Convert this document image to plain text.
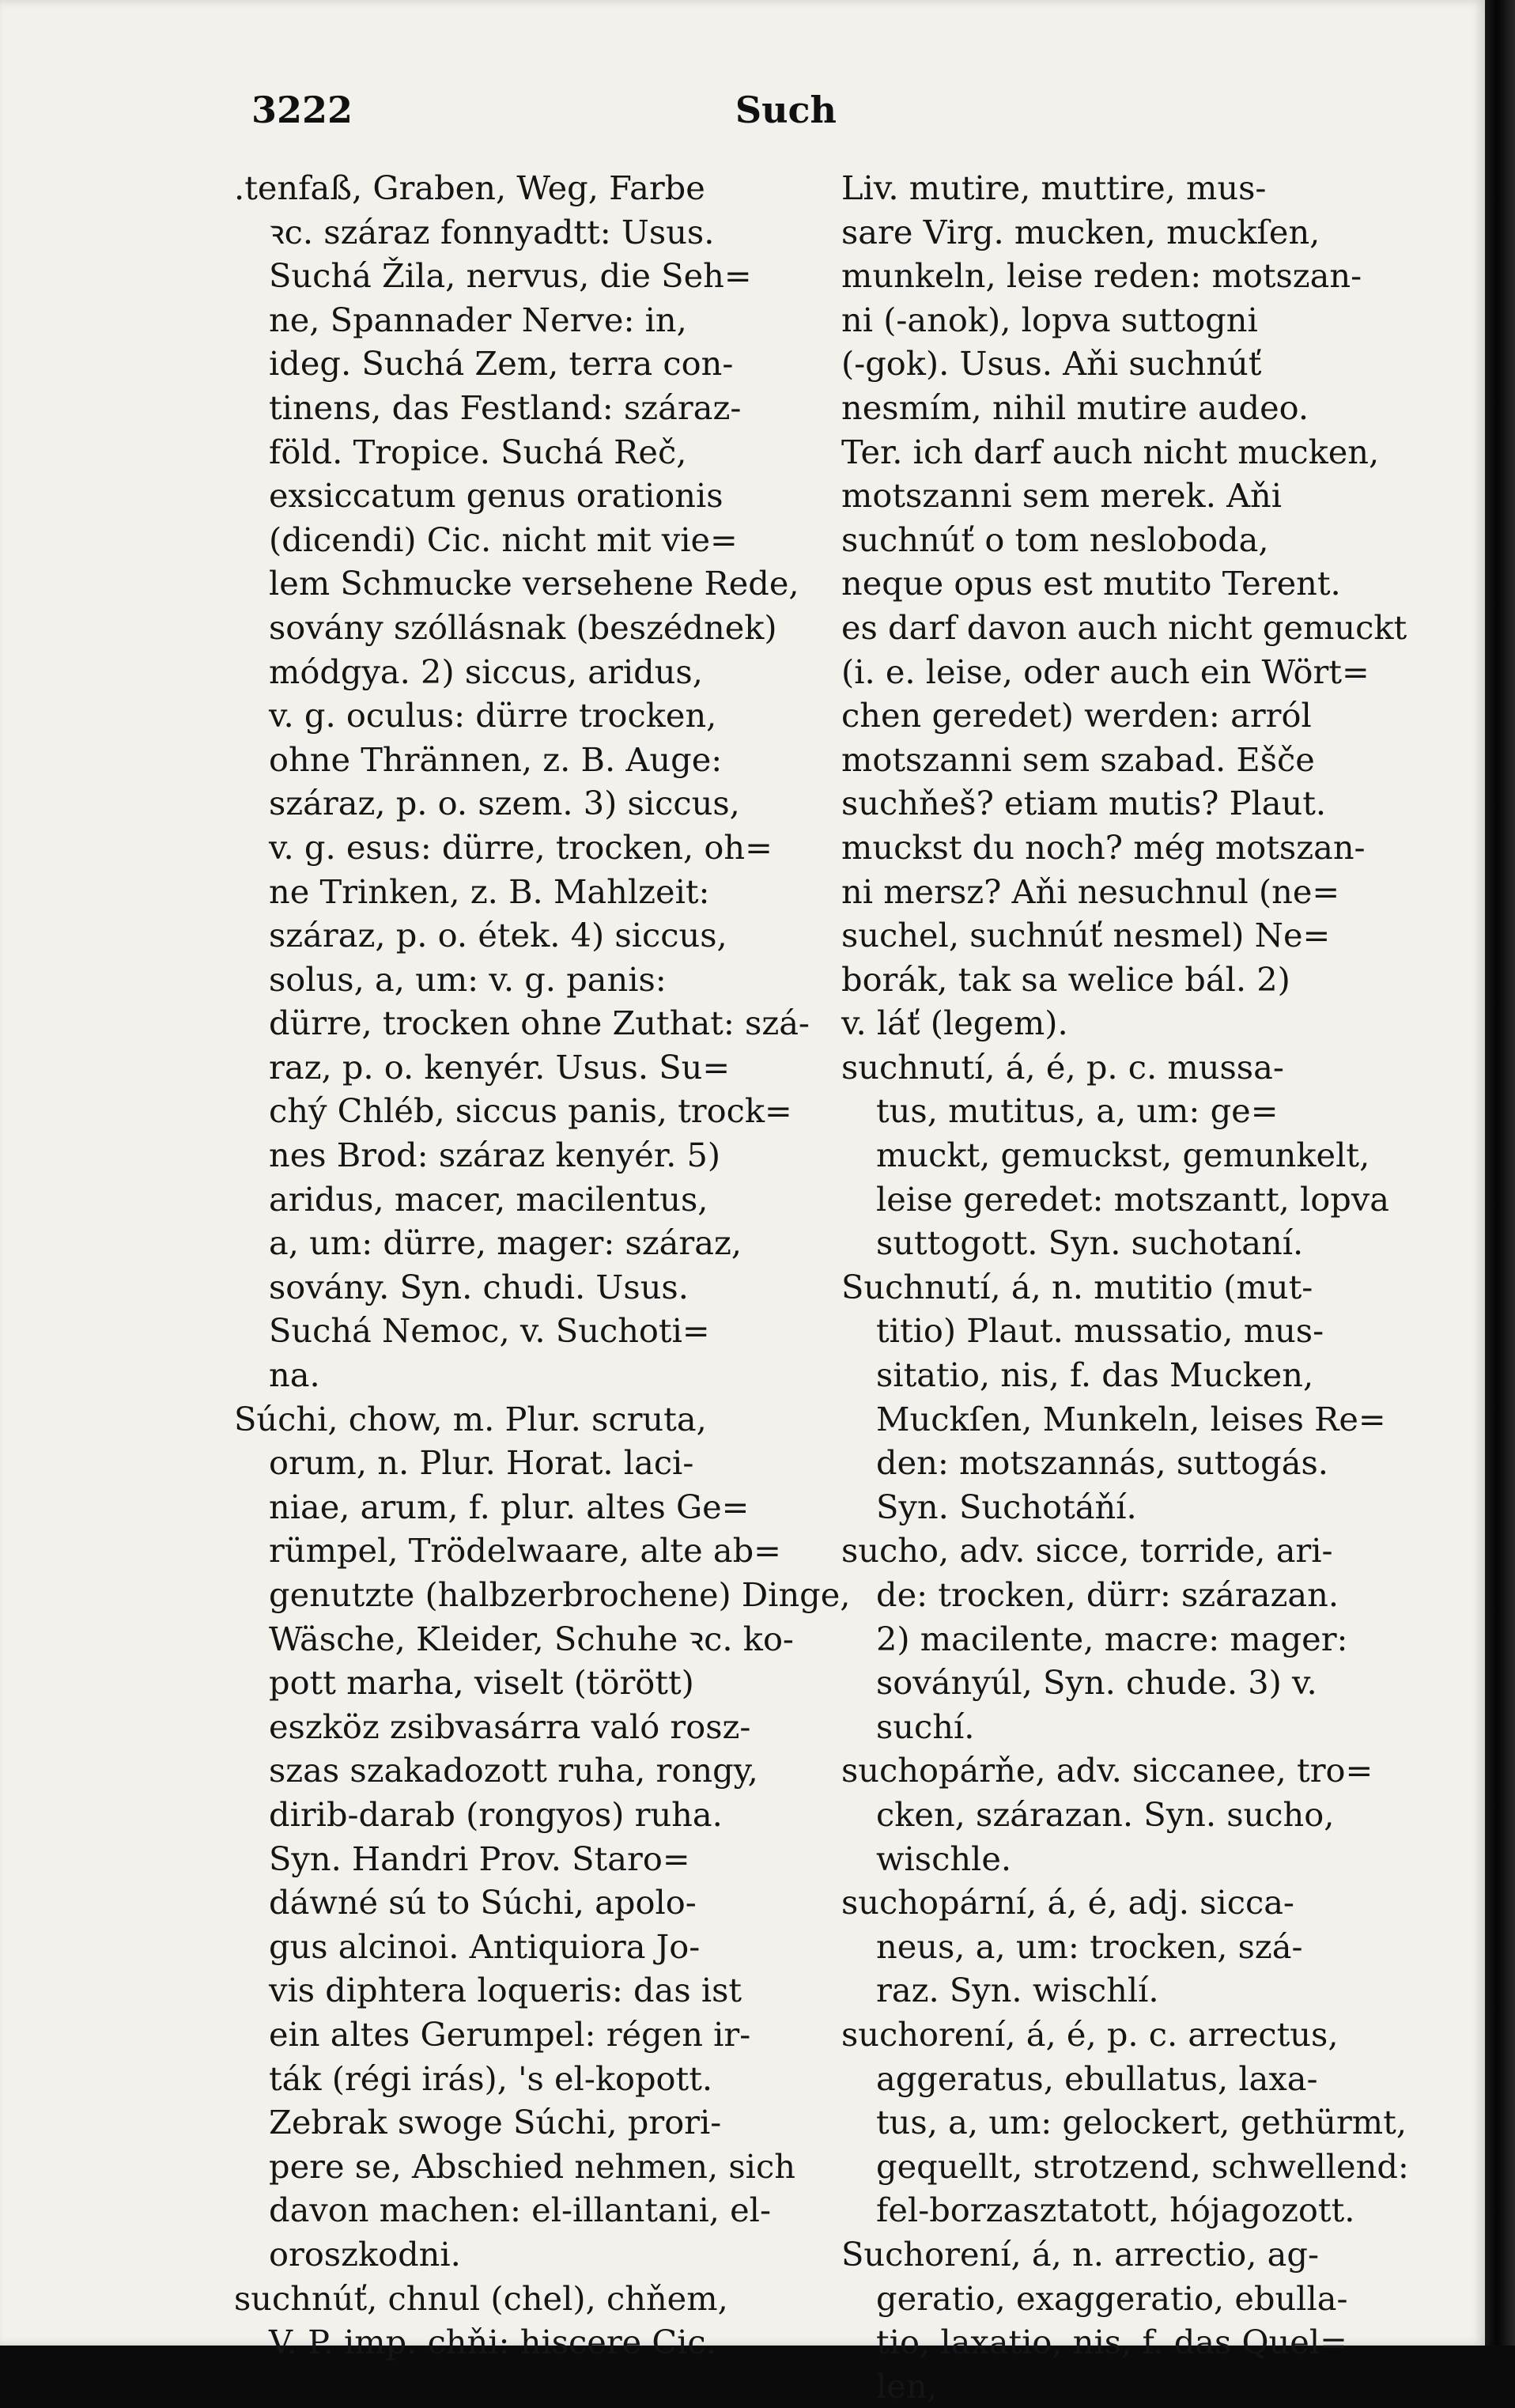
3222	Such
.tenfaß, Graben, Weg, Farbe
ꝛc. száraz fonnyadtt: Usus.
Suchá Žila, nervus, die Seh=
ne, Spannader Nerve: in,
ideg. Suchá Zem, terra con-
tinens, das Festland: száraz-
föld. Tropice. Suchá Reč,
exsiccatum genus orationis
(dicendi) Cic. nicht mit vie=
lem Schmucke versehene Rede,
sovány szóllásnak (beszédnek)
módgya. 2) siccus, aridus,
v. g. oculus: dürre trocken,
ohne Thrännen, z. B. Auge:
száraz, p. o. szem. 3) siccus,
v. g. esus: dürre, trocken, oh=
ne Trinken, z. B. Mahlzeit:
száraz, p. o. étek. 4) siccus,
solus, a, um: v. g. panis:
dürre, trocken ohne Zuthat: szá-
raz, p. o. kenyér. Usus. Su=
chý Chléb, siccus panis, trock=
nes Brod: száraz kenyér. 5)
aridus, macer, macilentus,
a, um: dürre, mager: száraz,
sovány. Syn. chudi. Usus.
Suchá Nemoc, v. Suchoti=
na.
Súchi, chow, m. Plur. scruta,
orum, n. Plur. Horat. laci-
niae, arum, f. plur. altes Ge=
rümpel, Trödelwaare, alte ab=
genutzte (halbzerbrochene) Dinge,
Wäsche, Kleider, Schuhe ꝛc. ko-
pott marha, viselt (törött)
eszköz zsibvasárra való rosz-
szas szakadozott ruha, rongy,
dirib-darab (rongyos) ruha.
Syn. Handri Prov. Staro=
dáwné sú to Súchi, apolo-
gus alcinoi. Antiquiora Jo-
vis diphtera loqueris: das ist
ein altes Gerumpel: régen ir-
ták (régi irás), 's el-kopott.
Zebrak swoge Súchi, prori-
pere se, Abschied nehmen, sich
davon machen: el-illantani, el-
oroszkodni.
suchnúť, chnul (chel), chňem,
V. P. imp. chňi: hiscere Cic.
Liv. mutire, muttire, mus-
sare Virg. mucken, muckſen,
munkeln, leise reden: motszan-
ni (-anok), lopva suttogni
(-gok). Usus. Aňi suchnúť
nesmím, nihil mutire audeo.
Ter. ich darf auch nicht mucken,
motszanni sem merek. Aňi
suchnúť o tom neslobodа,
neque opus est mutito Terent.
es darf davon auch nicht gemuckt
(i. e. leise, oder auch ein Wört=
chen geredet) werden: arról
motszanni sem szabad. Ešče
suchňeš? etiam mutis? Plaut.
muckst du noch? még motszan-
ni mersz? Aňi nesuchnul (ne=
suchel, suchnúť nesmel) Ne=
borák, tak sa welice bál. 2)
v. láť (legem).
suchnutí, á, é, p. c. mussa-
tus, mutitus, a, um: ge=
muckt, gemuckst, gemunkelt,
leise geredet: motszantt, lopva
suttogott. Syn. suchotaní.
Suchnutí, á, n. mutitio (mut-
titio) Plaut. mussatio, mus-
sitatio, nis, f. das Mucken,
Muckſen, Munkeln, leises Re=
den: motszannás, suttogás.
Syn. Suchotáňí.
sucho, adv. sicce, torride, ari-
de: trocken, dürr: szárazan.
2) macilente, macre: mager:
soványúl, Syn. chude. 3) v.
suchí.
suchopárňe, adv. siccanee, tro=
cken, szárazan. Syn. sucho,
wischle.
suchopární, á, é, adj. sicca-
neus, a, um: trocken, szá-
raz. Syn. wischlí.
suchorení, á, é, p. c. arrectus,
aggeratus, ebullatus, laxa-
tus, a, um: gelockert, gethürmt,
gequellt, strotzend, schwellend:
fel-borzasztatott, hójagozott.
Suchorení, á, n. arrectio, ag-
geratio, exaggeratio, ebulla-
tio, laxatio, nis, f. das Quel=
len,
